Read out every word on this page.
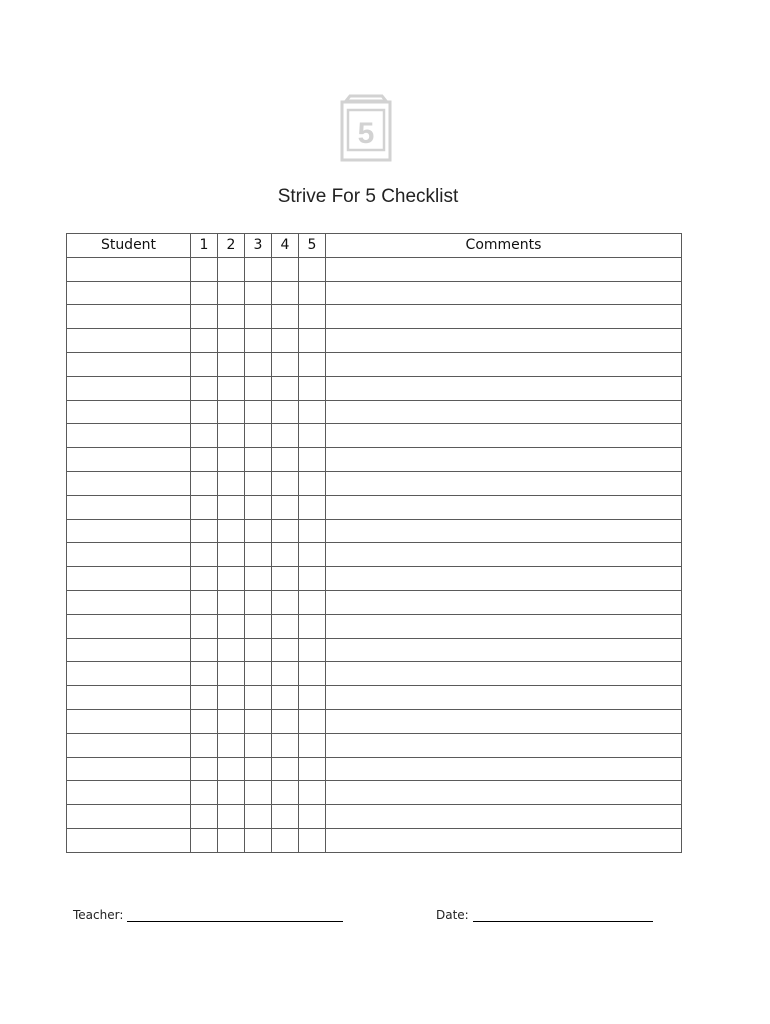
5
Strive For 5 Checklist
Student	1	2	3	4	5	Comments

Teacher:	Date:
